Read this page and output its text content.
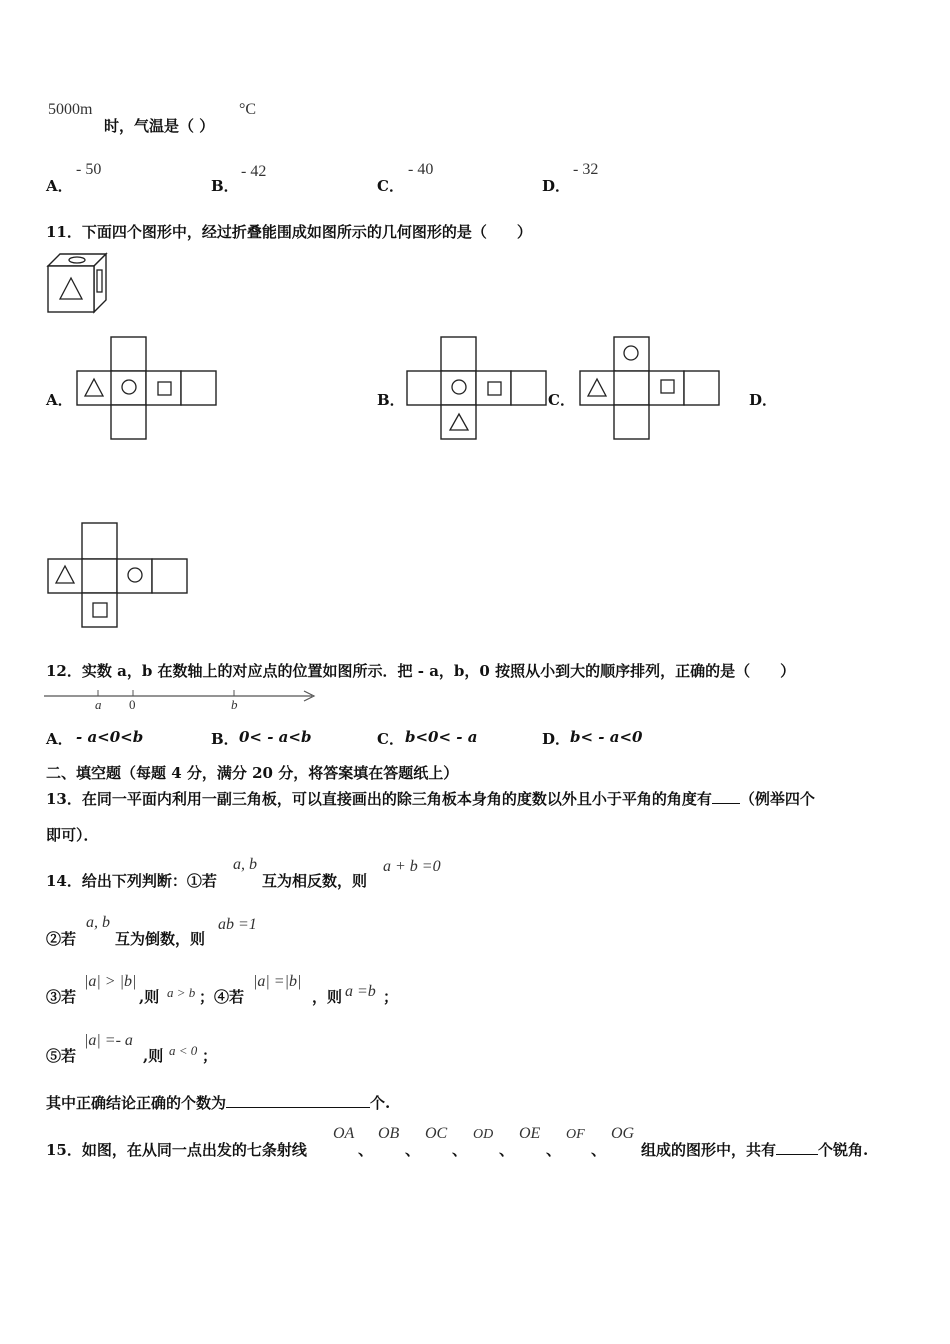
5000m
时，气温是（ ）
°C
A．
- 50
B．
- 42
C．
- 40
D．
- 32
11．下面四个图形中，经过折叠能围成如图所示的几何图形的是（　　）
A．	B．	C．	D．
12．实数 a，b 在数轴上的对应点的位置如图所示．把 - a，b，0 按照从小到大的顺序排列，正确的是（　　）
a 0	b
A． - a<0<b	B． 0< - a<b	C． b<0< - a	D． b< - a<0
二、填空题（每题 4 分，满分 20 分，将答案填在答题纸上）
13．在同一平面内利用一副三角板，可以直接画出的除三角板本身角的度数以外且小于平角的角度有 （例举四个
即可）．
14．给出下列判断：①若
a, b
互为相反数，则
a + b =0
②若
a, b
互为倒数，则
ab =1
③若
|a| > |b|
,则 a > b ；④若
|a| =|b|
，则 a =b ；
⑤若
|a| =- a
,则 a < 0 ；
其中正确结论正确的个数为	个.
15．如图，在从同一点出发的七条射线
OA
、
OB
、
OC
、
OD
、
OE
、
OF
、
OG
组成的图形中，共有	个锐角.
